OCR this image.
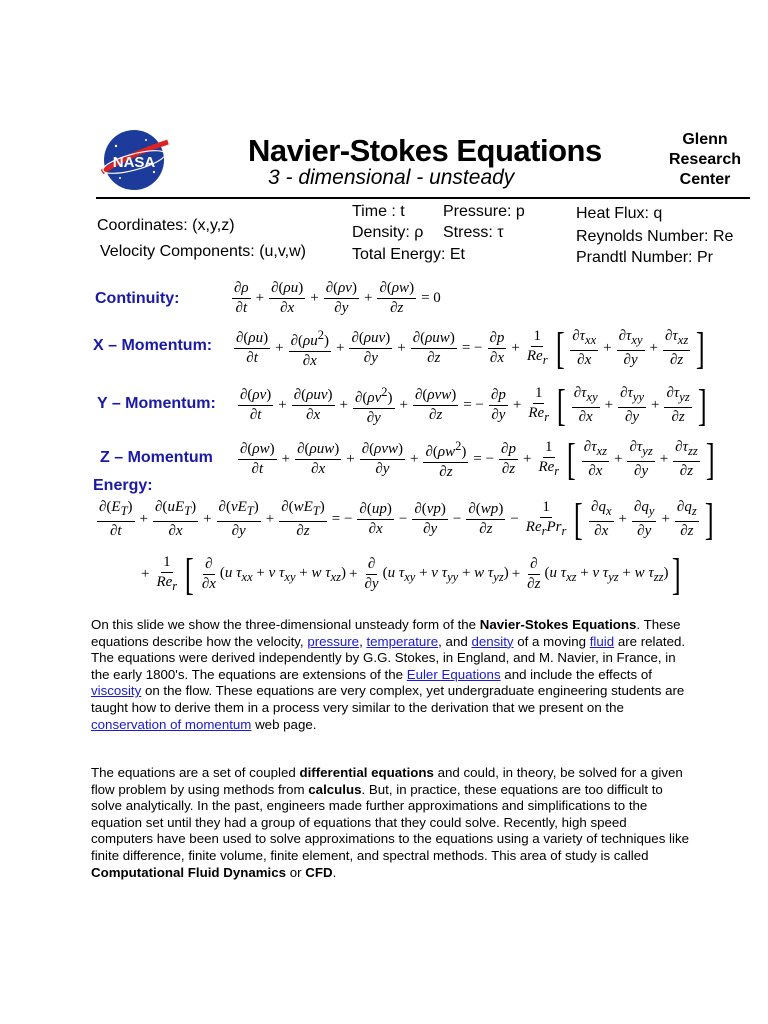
NASA	Navier-Stokes Equations
3 - dimensional - unsteady
Glenn
Research
Center
Coordinates: (x,y,z)
Velocity Components: (u,v,w)
Time : t Pressure: p
Density: ρ Stress: τ
Total Energy: Et
Heat Flux: q
Reynolds Number: Re
Prandtl Number: Pr
Continuity:
X – Momentum:
Y – Momentum:
Z – Momentum
Energy:
$\frac{\partial\rho}{\partial t} + \frac{\partial(\rho u)}{\partial x} + \frac{\partial(\rho v)}{\partial y} + \frac{\partial(\rho w)}{\partial z} = 0$
$\frac{\partial(\rho u)}{\partial t} + \frac{\partial(\rho u^2)}{\partial x} + \frac{\text{∂(ρuv)}}{\partial y} + \frac{\text{∂(ρuw)}}{\partial z}$ = − $\frac{\partial p}{\partial x} + \frac{1}{Re_r}$ [ $\frac{\partial\tau_{xx}}{\partial x} + \frac{\partial\tau_{xy}}{\partial y} + \frac{\partial\tau_{xz}}{\partial z}$ ]
$\frac{\partial(\rho v)}{\partial t} + \frac{\text{∂(ρuv)}}{\partial x} + \frac{\partial(\rho v^2)}{\partial y} + \frac{\text{∂(ρvw)}}{\partial z}$ = − $\frac{\partial p}{\partial y} + \frac{1}{Re_r}$ [ $\frac{\partial\tau_{xy}}{\partial x} + \frac{\partial\tau_{yy}}{\partial y} + \frac{\partial\tau_{yz}}{\partial z}$ ]
$\frac{\partial(\rho w)}{\partial t} + \frac{\text{∂(ρuw)}}{\partial x} + \frac{\text{∂(ρvw)}}{\partial y} + \frac{\partial(\rho w^2)}{\partial z}$ = − $\frac{\partial p}{\partial z} + \frac{1}{Re_r}$ [ $\frac{\partial\tau_{xz}}{\partial x} + \frac{\partial\tau_{yz}}{\partial y} + \frac{\partial\tau_{zz}}{\partial z}$ ]
$\frac{\partial(E_T)}{\partial t} + \frac{\partial(uE_T)}{\partial x} + \frac{\partial(vE_T)}{\partial y} + \frac{\partial(wE_T)}{\partial z}$ = − $\frac{\partial(up)}{\partial x} - \frac{\partial(vp)}{\partial y} - \frac{\partial(wp)}{\partial z} - \frac{1}{Re_rPr_r}$ [ $\frac{\partial q_x}{\partial x} + \frac{\partial q_y}{\partial y} + \frac{\partial q_z}{\partial z}$ ]
+ $\frac{1}{Re_r}$ [ $\frac{\partial}{\partial x} (u$ $\tau_{xx} + v$ $\tau_{xy} + w$ $\tau_{xz}) + \frac{\partial}{\partial y} (u$ $\tau_{xy} + v$ $\tau_{yy} + w$ $\tau_{yz}) + \frac{\partial}{\partial z} (u$ $\tau_{xz} + v$ $\tau_{yz} + w$ $\tau_{zz}$) ]
On this slide we show the three-dimensional unsteady form of the Navier-Stokes Equations. These equations describe how the velocity, pressure, temperature, and density of a moving fluid are related. The equations were derived independently by G.G. Stokes, in England, and M. Navier, in France, in the early 1800's. The equations are extensions of the Euler Equations and include the effects of viscosity on the flow. These equations are very complex, yet undergraduate engineering students are taught how to derive them in a process very similar to the derivation that we present on the conservation of momentum web page.
The equations are a set of coupled differential equations and could, in theory, be solved for a given flow problem by using methods from calculus. But, in practice, these equations are too difficult to solve analytically. In the past, engineers made further approximations and simplifications to the equation set until they had a group of equations that they could solve. Recently, high speed computers have been used to solve approximations to the equations using a variety of techniques like finite difference, finite volume, finite element, and spectral methods. This area of study is called Computational Fluid Dynamics or CFD.
